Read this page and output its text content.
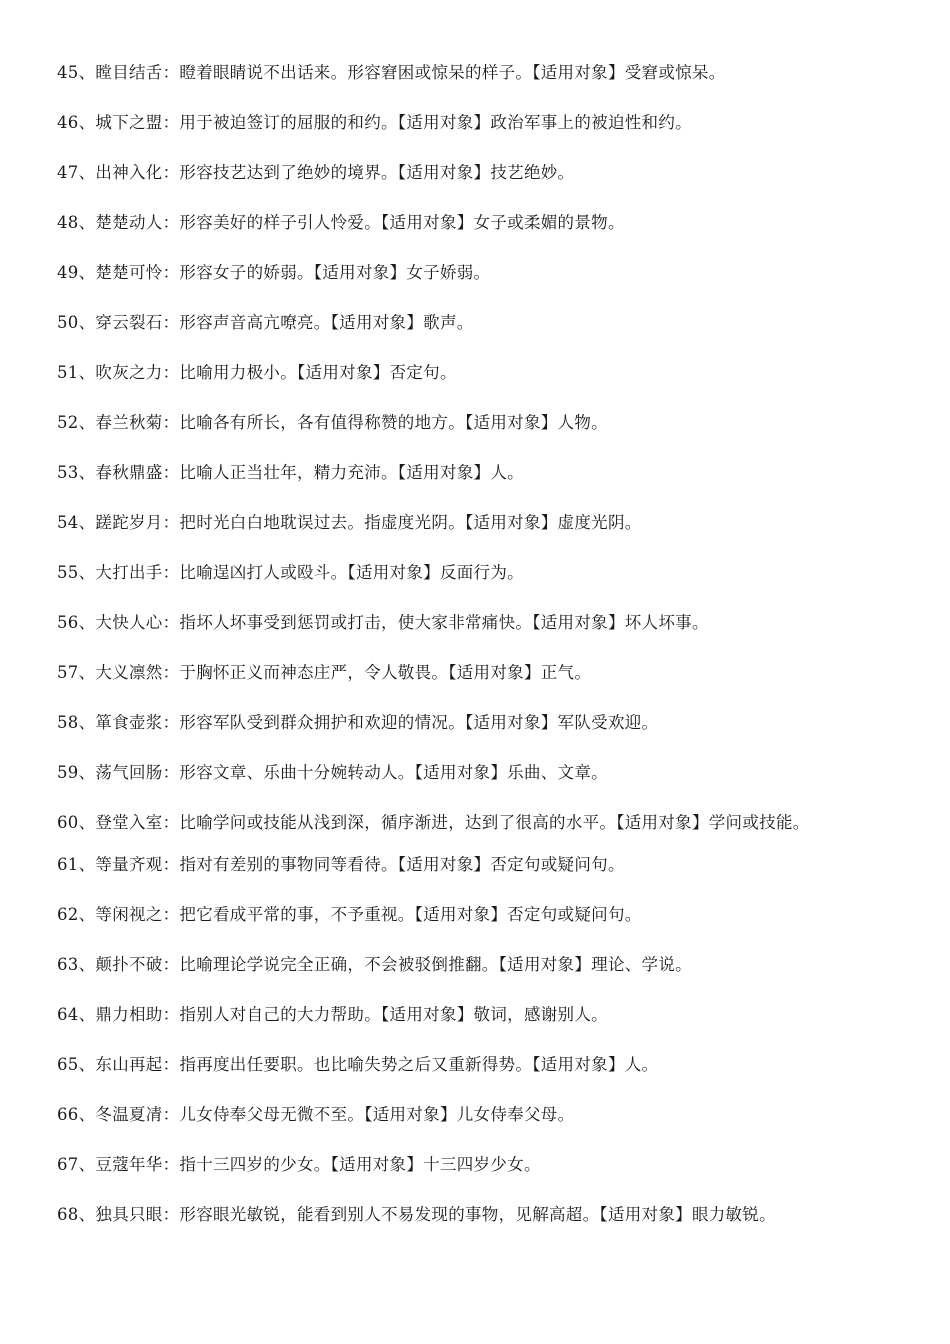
45、瞠目结舌：瞪着眼睛说不出话来。形容窘困或惊呆的样子。【适用对象】受窘或惊呆。

46、城下之盟：用于被迫签订的屈服的和约。【适用对象】政治军事上的被迫性和约。

47、出神入化：形容技艺达到了绝妙的境界。【适用对象】技艺绝妙。

48、楚楚动人：形容美好的样子引人怜爱。【适用对象】女子或柔媚的景物。

49、楚楚可怜：形容女子的娇弱。【适用对象】女子娇弱。

50、穿云裂石：形容声音高亢嘹亮。【适用对象】歌声。

51、吹灰之力：比喻用力极小。【适用对象】否定句。

52、春兰秋菊：比喻各有所长，各有值得称赞的地方。【适用对象】人物。

53、春秋鼎盛：比喻人正当壮年，精力充沛。【适用对象】人。

54、蹉跎岁月：把时光白白地耽误过去。指虚度光阴。【适用对象】虚度光阴。

55、大打出手：比喻逞凶打人或殴斗。【适用对象】反面行为。

56、大快人心：指坏人坏事受到惩罚或打击，使大家非常痛快。【适用对象】坏人坏事。

57、大义凛然：于胸怀正义而神态庄严，令人敬畏。【适用对象】正气。

58、箪食壶浆：形容军队受到群众拥护和欢迎的情况。【适用对象】军队受欢迎。

59、荡气回肠：形容文章、乐曲十分婉转动人。【适用对象】乐曲、文章。

60、登堂入室：比喻学问或技能从浅到深，循序渐进，达到了很高的水平。【适用对象】学问或技能。

61、等量齐观：指对有差别的事物同等看待。【适用对象】否定句或疑问句。

62、等闲视之：把它看成平常的事，不予重视。【适用对象】否定句或疑问句。

63、颠扑不破：比喻理论学说完全正确，不会被驳倒推翻。【适用对象】理论、学说。

64、鼎力相助：指别人对自己的大力帮助。【适用对象】敬词，感谢别人。

65、东山再起：指再度出任要职。也比喻失势之后又重新得势。【适用对象】人。

66、冬温夏凊：儿女侍奉父母无微不至。【适用对象】儿女侍奉父母。

67、豆蔻年华：指十三四岁的少女。【适用对象】十三四岁少女。

68、独具只眼：形容眼光敏锐，能看到别人不易发现的事物，见解高超。【适用对象】眼力敏锐。
